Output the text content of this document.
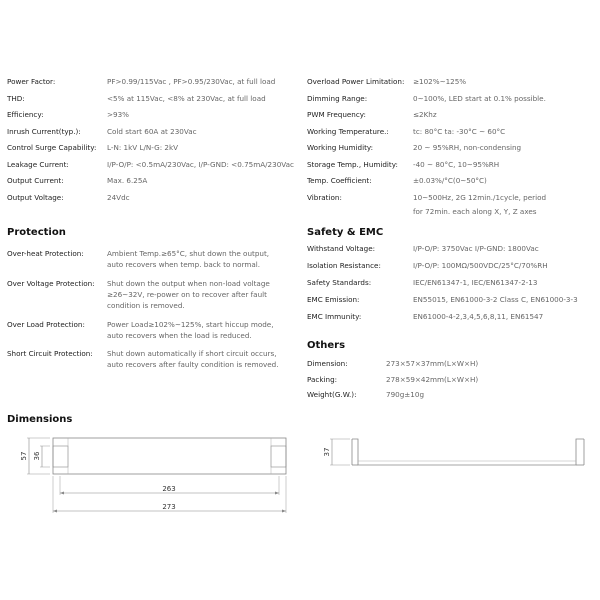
Power Factor:	PF>0.99/115Vac , PF>0.95/230Vac, at full load
THD:	<5% at 115Vac, <8% at 230Vac, at full load
Efficiency:	>93%
Inrush Current(typ.):	Cold start 60A at 230Vac
Control Surge Capability: L-N: 1kV L/N-G: 2kV
Leakage Current:	I/P-O/P: <0.5mA/230Vac, I/P-GND: <0.75mA/230Vac
Output Current:	Max. 6.25A
Output Voltage:	24Vdc
Overload Power Limitation: ≥102%~125%
Dimming Range:	0~100%, LED start at 0.1% possible.
PWM Frequency:	≤2Khz
Working Temperature.:	tc: 80°C ta: -30°C ~ 60°C
Working Humidity:	20 ~ 95%RH, non-condensing
Storage Temp., Humidity: -40 ~ 80°C, 10~95%RH
Temp. Coefficient:	±0.03%/°C(0~50°C)
Vibration:	10~500Hz, 2G 12min./1cycle, period
for 72min. each along X, Y, Z axes
Protection
Over-heat Protection:	Ambient Temp.≥65°C, shut down the output,
auto recovers when temp. back to normal.
Over Voltage Protection: Shut down the output when non-load voltage
≥26~32V, re-power on to recover after fault
condition is removed.
Over Load Protection:	Power Load≥102%~125%, start hiccup mode,
auto recovers when the load is reduced.
Short Circuit Protection: Shut down automatically if short circuit occurs,
auto recovers after faulty condition is removed.
Safety & EMC
Withstand Voltage:	I/P-O/P: 3750Vac I/P-GND: 1800Vac
Isolation Resistance:	I/P-O/P: 100MΩ/500VDC/25°C/70%RH
Safety Standards:	IEC/EN61347-1, IEC/EN61347-2-13
EMC Emission:	EN55015, EN61000-3-2 Class C, EN61000-3-3
EMC Immunity:	EN61000-4-2,3,4,5,6,8,11, EN61547
Others
Dimension:	273×57×37mm(L×W×H)
Packing:	278×59×42mm(L×W×H)
Weight(G.W.):	790g±10g
Dimensions
57 36
263
273
37
